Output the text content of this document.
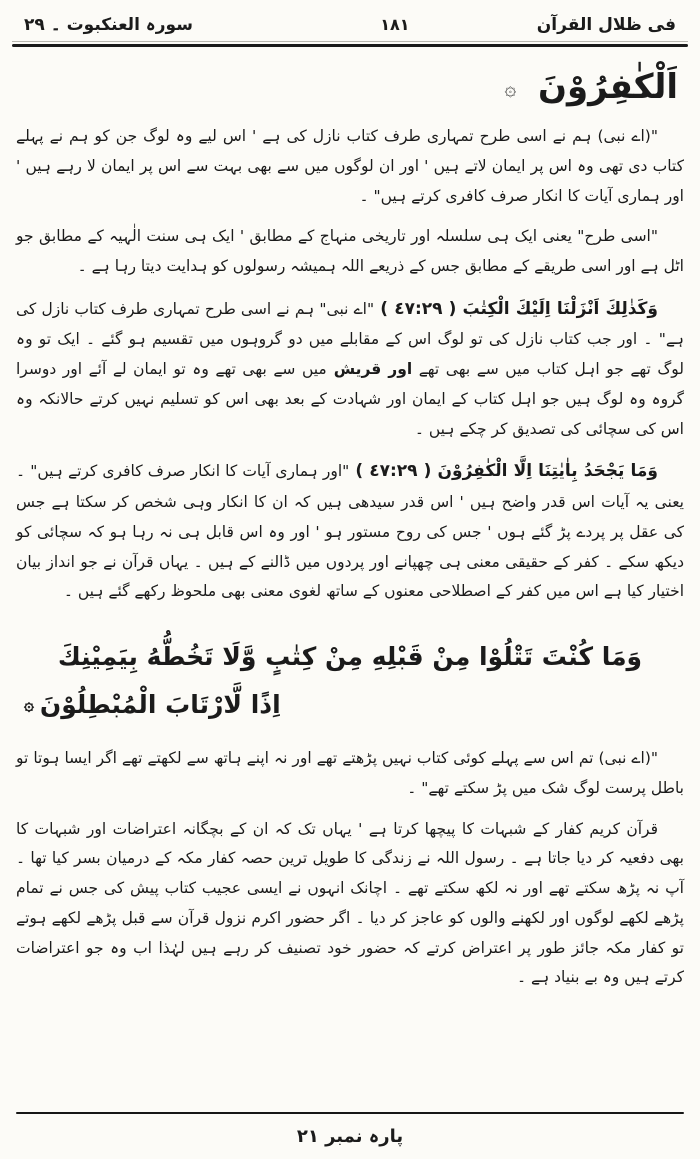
فی ظلال القرآن
١٨١
سورہ العنکبوت ۔ ٢٩
اَلْكٰفِرُوْنَ ۞

"(اے نبی) ہم نے اسی طرح تمہاری طرف کتاب نازل کی ہے ' اس لیے وہ لوگ جن کو ہم نے پہلے کتاب دی تھی وہ اس پر ایمان لاتے ہیں ' اور ان لوگوں میں سے بھی بہت سے اس پر ایمان لا رہے ہیں ' اور ہماری آیات کا انکار صرف کافری کرتے ہیں" ۔

"اسی طرح" یعنی ایک ہی سلسلہ اور تاریخی منہاج کے مطابق ' ایک ہی سنت الٰہیہ کے مطابق جو اٹل ہے اور اسی طریقے کے مطابق جس کے ذریعے اللہ ہمیشہ رسولوں کو ہدایت دیتا رہا ہے ۔

وَكَذٰلِكَ اَنْزَلْنَا اِلَيْكَ الْكِتٰبَ ( ٤٧:٢٩ ) "اے نبی" ہم نے اسی طرح تمہاری طرف کتاب نازل کی ہے" ۔ اور جب کتاب نازل کی تو لوگ اس کے مقابلے میں دو گروہوں میں تقسیم ہو گئے ۔ ایک تو وہ لوگ تھے جو اہل کتاب میں سے بھی تھے اور قریش میں سے بھی تھے وہ تو ایمان لے آئے اور دوسرا گروہ وہ لوگ ہیں جو اہل کتاب کے ایمان اور شہادت کے بعد بھی اس کو تسلیم نہیں کرتے حالانکہ وہ اس کی سچائی کی تصدیق کر چکے ہیں ۔

وَمَا يَجْحَدُ بِاٰيٰتِنَا اِلَّا الْكٰفِرُوْنَ ( ٤٧:٢٩ ) "اور ہماری آیات کا انکار صرف کافری کرتے ہیں" ۔ یعنی یہ آیات اس قدر واضح ہیں ' اس قدر سیدھی ہیں کہ ان کا انکار وہی شخص کر سکتا ہے جس کی عقل پر پردے پڑ گئے ہوں ' جس کی روح مستور ہو ' اور وہ اس قابل ہی نہ رہا ہو کہ سچائی کو دیکھ سکے ۔ کفر کے حقیقی معنی ہی چھپانے اور پردوں میں ڈالنے کے ہیں ۔ یہاں قرآن نے جو انداز بیان اختیار کیا ہے اس میں کفر کے اصطلاحی معنوں کے ساتھ لغوی معنی بھی ملحوظ رکھے گئے ہیں ۔

وَمَا كُنْتَ تَتْلُوْا مِنْ قَبْلِهِ مِنْ كِتٰبٍ وَّلَا تَخُطُّهُ بِيَمِيْنِكَ
اِذًا لَّارْتَابَ الْمُبْطِلُوْنَ ۞

"(اے نبی) تم اس سے پہلے کوئی کتاب نہیں پڑھتے تھے اور نہ اپنے ہاتھ سے لکھتے تھے اگر ایسا ہوتا تو باطل پرست لوگ شک میں پڑ سکتے تھے" ۔

قرآن کریم کفار کے شبہات کا پیچھا کرتا ہے ' یہاں تک کہ ان کے بچگانہ اعتراضات اور شبہات کا بھی دفعیہ کر دیا جاتا ہے ۔ رسول اللہ نے زندگی کا طویل ترین حصہ کفار مکہ کے درمیان بسر کیا تھا ۔ آپ نہ پڑھ سکتے تھے اور نہ لکھ سکتے تھے ۔ اچانک انہوں نے ایسی عجیب کتاب پیش کی جس نے تمام پڑھے لکھے لوگوں اور لکھنے والوں کو عاجز کر دیا ۔ اگر حضور اکرم نزول قرآن سے قبل پڑھے لکھے ہوتے تو کفار مکہ جائز طور پر اعتراض کرتے کہ حضور خود تصنیف کر رہے ہیں لہٰذا اب وہ جو اعتراضات کرتے ہیں وہ بے بنیاد ہے ۔

پارہ نمبر ٢١
